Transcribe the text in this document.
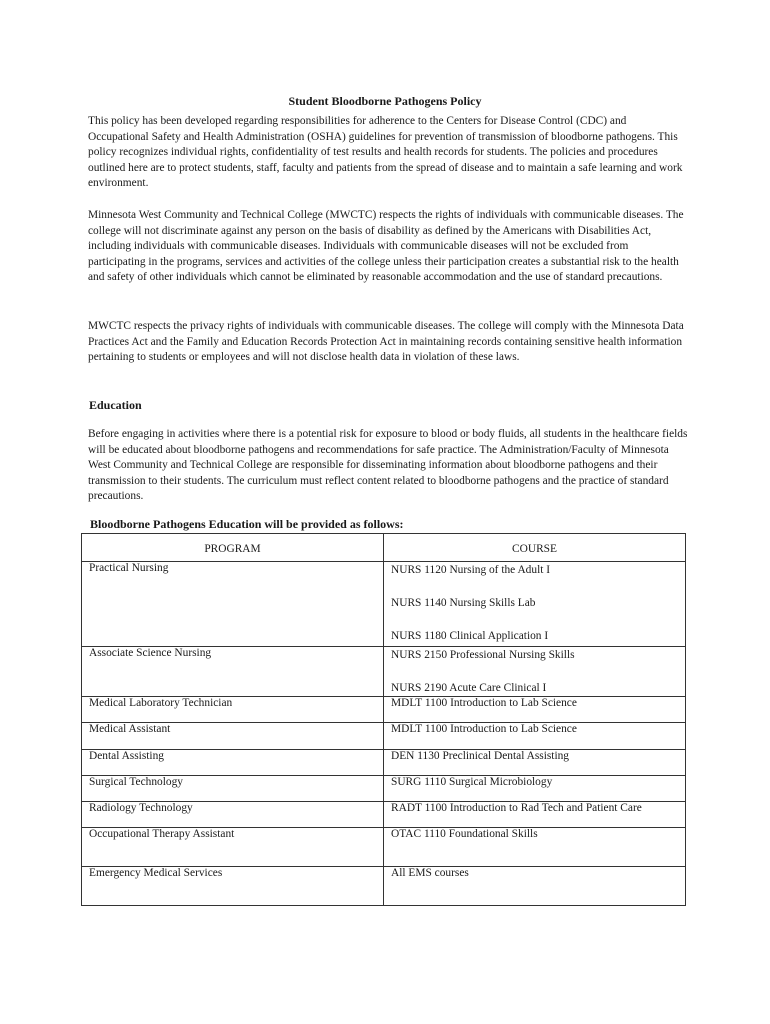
Student Bloodborne Pathogens Policy

This policy has been developed regarding responsibilities for adherence to the Centers for Disease Control (CDC) and Occupational Safety and Health Administration (OSHA) guidelines for prevention of transmission of bloodborne pathogens. This policy recognizes individual rights, confidentiality of test results and health records for students. The policies and procedures outlined here are to protect students, staff, faculty and patients from the spread of disease and to maintain a safe learning and work environment.

Minnesota West Community and Technical College (MWCTC) respects the rights of individuals with communicable diseases. The college will not discriminate against any person on the basis of disability as defined by the Americans with Disabilities Act, including individuals with communicable diseases. Individuals with communicable diseases will not be excluded from participating in the programs, services and activities of the college unless their participation creates a substantial risk to the health and safety of other individuals which cannot be eliminated by reasonable accommodation and the use of standard precautions.

MWCTC respects the privacy rights of individuals with communicable diseases. The college will comply with the Minnesota Data Practices Act and the Family and Education Records Protection Act in maintaining records containing sensitive health information pertaining to students or employees and will not disclose health data in violation of these laws.

Education

Before engaging in activities where there is a potential risk for exposure to blood or body fluids, all students in the healthcare fields will be educated about bloodborne pathogens and recommendations for safe practice. The Administration/Faculty of Minnesota West Community and Technical College are responsible for disseminating information about bloodborne pathogens and their transmission to their students. The curriculum must reflect content related to bloodborne pathogens and the practice of standard precautions.

Bloodborne Pathogens Education will be provided as follows:
PROGRAM	COURSE
Practical Nursing	NURS 1120 Nursing of the Adult I
NURS 1140 Nursing Skills Lab
NURS 1180 Clinical Application I

Associate Science Nursing	NURS 2150 Professional Nursing Skills
NURS 2190 Acute Care Clinical I

Medical Laboratory Technician	MDLT 1100 Introduction to Lab Science
Medical Assistant	MDLT 1100 Introduction to Lab Science
Dental Assisting	DEN 1130 Preclinical Dental Assisting
Surgical Technology	SURG 1110 Surgical Microbiology
Radiology Technology	RADT 1100 Introduction to Rad Tech and Patient Care
Occupational Therapy Assistant	OTAC 1110 Foundational Skills
Emergency Medical Services	All EMS courses
